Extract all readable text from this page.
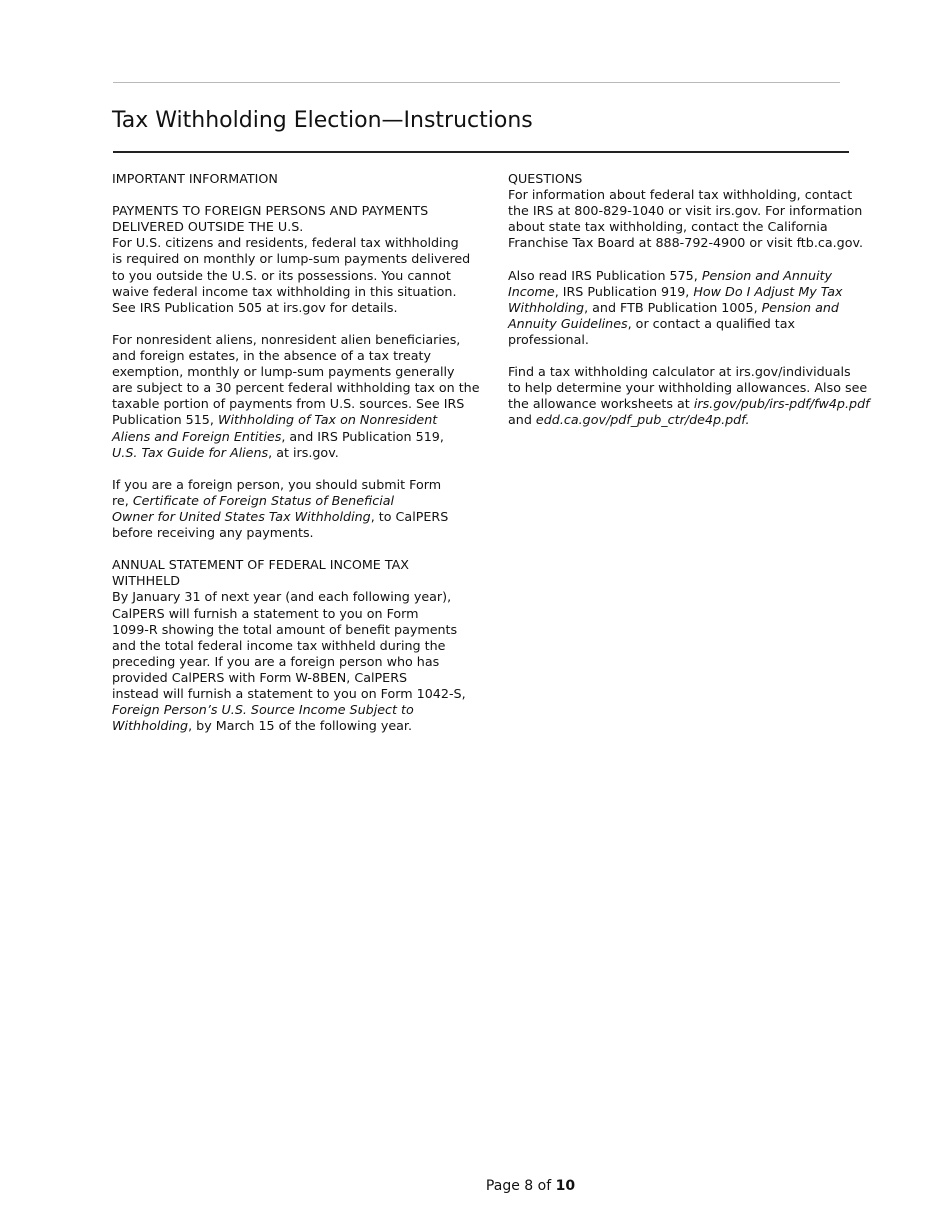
Tax Withholding Election—Instructions
IMPORTANT INFORMATION
PAYMENTS TO FOREIGN PERSONS AND PAYMENTS
DELIVERED OUTSIDE THE U.S.
For U.S. citizens and residents, federal tax withholding
is required on monthly or lump-sum payments delivered
to you outside the U.S. or its possessions. You cannot
waive federal income tax withholding in this situation.
See IRS Publication 505 at irs.gov for details.
For nonresident aliens, nonresident alien beneficiaries,
and foreign estates, in the absence of a tax treaty
exemption, monthly or lump-sum payments generally
are subject to a 30 percent federal withholding tax on the
taxable portion of payments from U.S. sources. See IRS
Publication 515, Withholding of Tax on Nonresident
Aliens and Foreign Entities, and IRS Publication 519,
U.S. Tax Guide for Aliens, at irs.gov.
If you are a foreign person, you should submit Form
re, Certificate of Foreign Status of Beneficial
Owner for United States Tax Withholding, to CalPERS
before receiving any payments.
ANNUAL STATEMENT OF FEDERAL INCOME TAX
WITHHELD
By January 31 of next year (and each following year),
CalPERS will furnish a statement to you on Form
1099-R showing the total amount of benefit payments
and the total federal income tax withheld during the
preceding year. If you are a foreign person who has
provided CalPERS with Form W-8BEN, CalPERS
instead will furnish a statement to you on Form 1042-S,
Foreign Person’s U.S. Source Income Subject to
Withholding, by March 15 of the following year.
QUESTIONS
For information about federal tax withholding, contact
the IRS at 800-829-1040 or visit irs.gov. For information
about state tax withholding, contact the California
Franchise Tax Board at 888-792-4900 or visit ftb.ca.gov.
Also read IRS Publication 575, Pension and Annuity
Income, IRS Publication 919, How Do I Adjust My Tax
Withholding, and FTB Publication 1005, Pension and
Annuity Guidelines, or contact a qualified tax
professional.
Find a tax withholding calculator at irs.gov/individuals
to help determine your withholding allowances. Also see
the allowance worksheets at irs.gov/pub/irs-pdf/fw4p.pdf
and edd.ca.gov/pdf_pub_ctr/de4p.pdf.
Page 8 of 10
